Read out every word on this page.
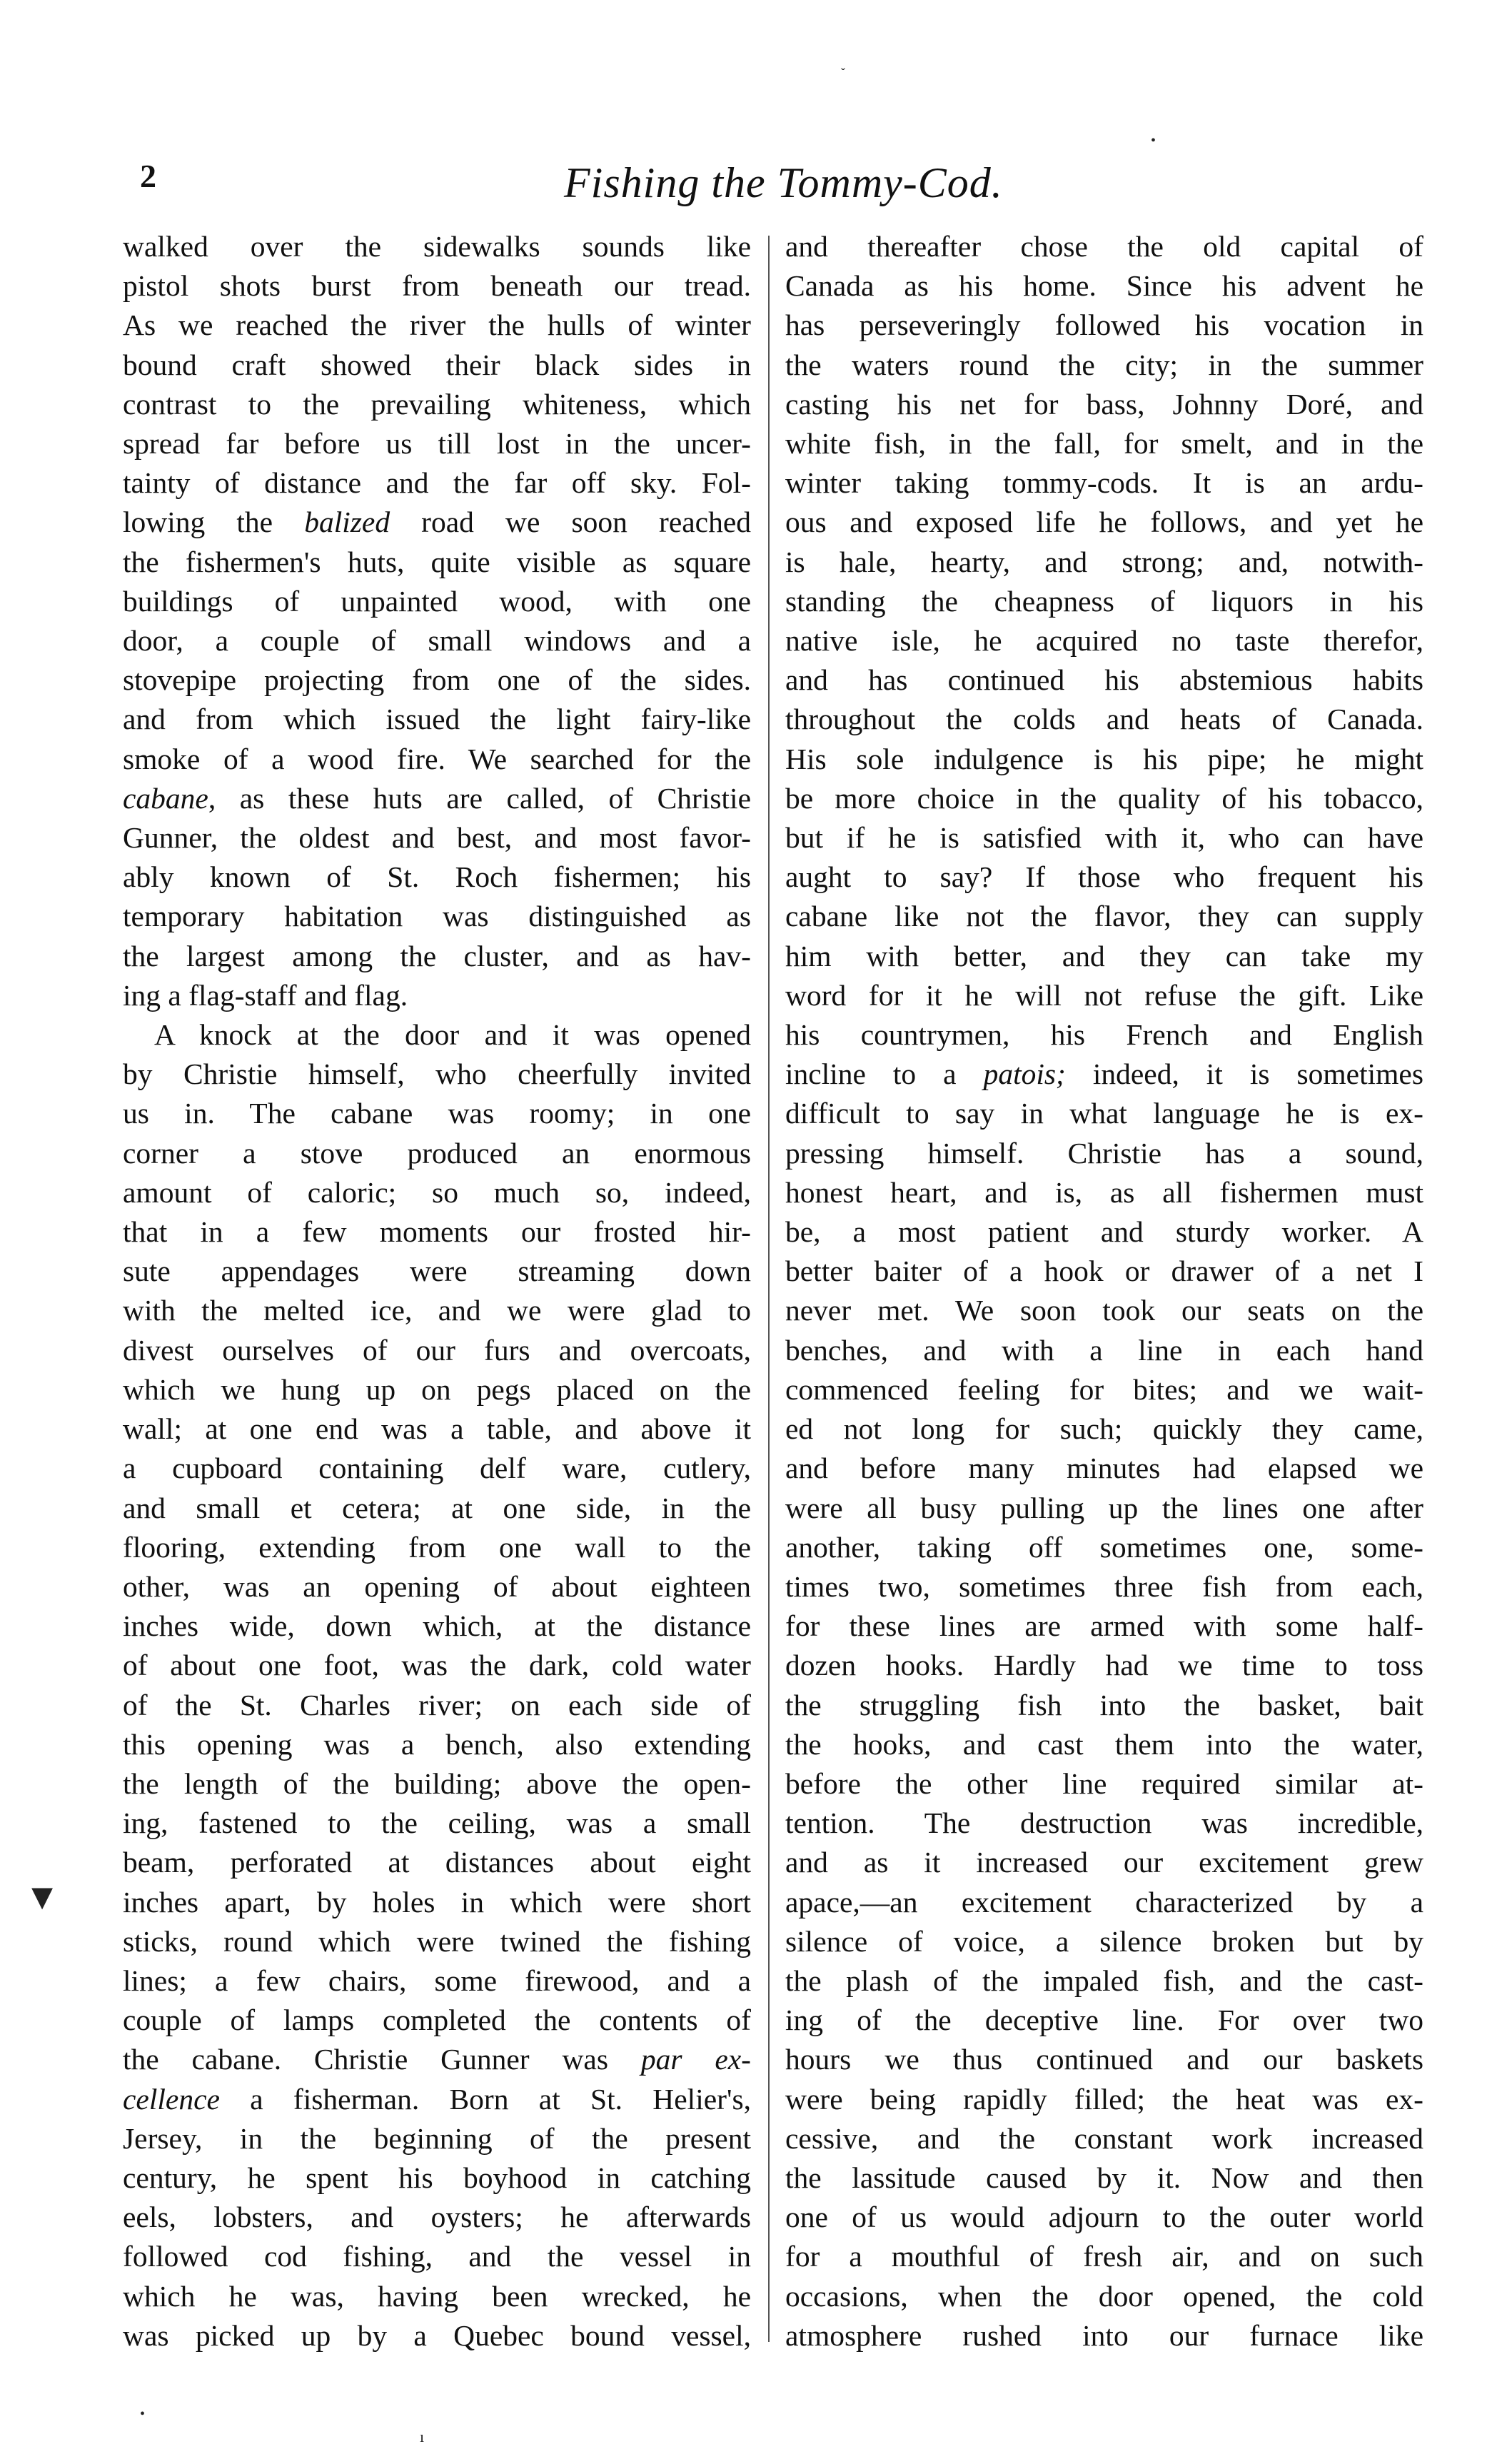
2	Fishing the Tommy-Cod.
walked over the sidewalks sounds like
pistol shots burst from beneath our tread.
As we reached the river the hulls of winter
bound craft showed their black sides in
contrast to the prevailing whiteness, which
spread far before us till lost in the uncer-
tainty of distance and the far off sky. Fol-
lowing the balized road we soon reached
the fishermen's huts, quite visible as square
buildings of unpainted wood, with one
door, a couple of small windows and a
stovepipe projecting from one of the sides.
and from which issued the light fairy-like
smoke of a wood fire. We searched for the
cabane, as these huts are called, of Christie
Gunner, the oldest and best, and most favor-
ably known of St. Roch fishermen; his
temporary habitation was distinguished as
the largest among the cluster, and as hav-
ing a flag-staff and flag.
A knock at the door and it was opened
by Christie himself, who cheerfully invited
us in. The cabane was roomy; in one
corner a stove produced an enormous
amount of caloric; so much so, indeed,
that in a few moments our frosted hir-
sute appendages were streaming down
with the melted ice, and we were glad to
divest ourselves of our furs and overcoats,
which we hung up on pegs placed on the
wall; at one end was a table, and above it
a cupboard containing delf ware, cutlery,
and small et cetera; at one side, in the
flooring, extending from one wall to the
other, was an opening of about eighteen
inches wide, down which, at the distance
of about one foot, was the dark, cold water
of the St. Charles river; on each side of
this opening was a bench, also extending
the length of the building; above the open-
ing, fastened to the ceiling, was a small
beam, perforated at distances about eight
inches apart, by holes in which were short
sticks, round which were twined the fishing
lines; a few chairs, some firewood, and a
couple of lamps completed the contents of
the cabane. Christie Gunner was par ex-
cellence a fisherman. Born at St. Helier's,
Jersey, in the beginning of the present
century, he spent his boyhood in catching
eels, lobsters, and oysters; he afterwards
followed cod fishing, and the vessel in
which he was, having been wrecked, he
was picked up by a Quebec bound vessel,
and thereafter chose the old capital of
Canada as his home. Since his advent he
has perseveringly followed his vocation in
the waters round the city; in the summer
casting his net for bass, Johnny Doré, and
white fish, in the fall, for smelt, and in the
winter taking tommy-cods. It is an ardu-
ous and exposed life he follows, and yet he
is hale, hearty, and strong; and, notwith-
standing the cheapness of liquors in his
native isle, he acquired no taste therefor,
and has continued his abstemious habits
throughout the colds and heats of Canada.
His sole indulgence is his pipe; he might
be more choice in the quality of his tobacco,
but if he is satisfied with it, who can have
aught to say? If those who frequent his
cabane like not the flavor, they can supply
him with better, and they can take my
word for it he will not refuse the gift. Like
his countrymen, his French and English
incline to a patois; indeed, it is sometimes
difficult to say in what language he is ex-
pressing himself. Christie has a sound,
honest heart, and is, as all fishermen must
be, a most patient and sturdy worker. A
better baiter of a hook or drawer of a net I
never met. We soon took our seats on the
benches, and with a line in each hand
commenced feeling for bites; and we wait-
ed not long for such; quickly they came,
and before many minutes had elapsed we
were all busy pulling up the lines one after
another, taking off sometimes one, some-
times two, sometimes three fish from each,
for these lines are armed with some half-
dozen hooks. Hardly had we time to toss
the struggling fish into the basket, bait
the hooks, and cast them into the water,
before the other line required similar at-
tention. The destruction was incredible,
and as it increased our excitement grew
apace,—an excitement characterized by a
silence of voice, a silence broken but by
the plash of the impaled fish, and the cast-
ing of the deceptive line. For over two
hours we thus continued and our baskets
were being rapidly filled; the heat was ex-
cessive, and the constant work increased
the lassitude caused by it. Now and then
one of us would adjourn to the outer world
for a mouthful of fresh air, and on such
occasions, when the door opened, the cold
atmosphere rushed into our furnace like
ˇ
•
▾
•
ı
